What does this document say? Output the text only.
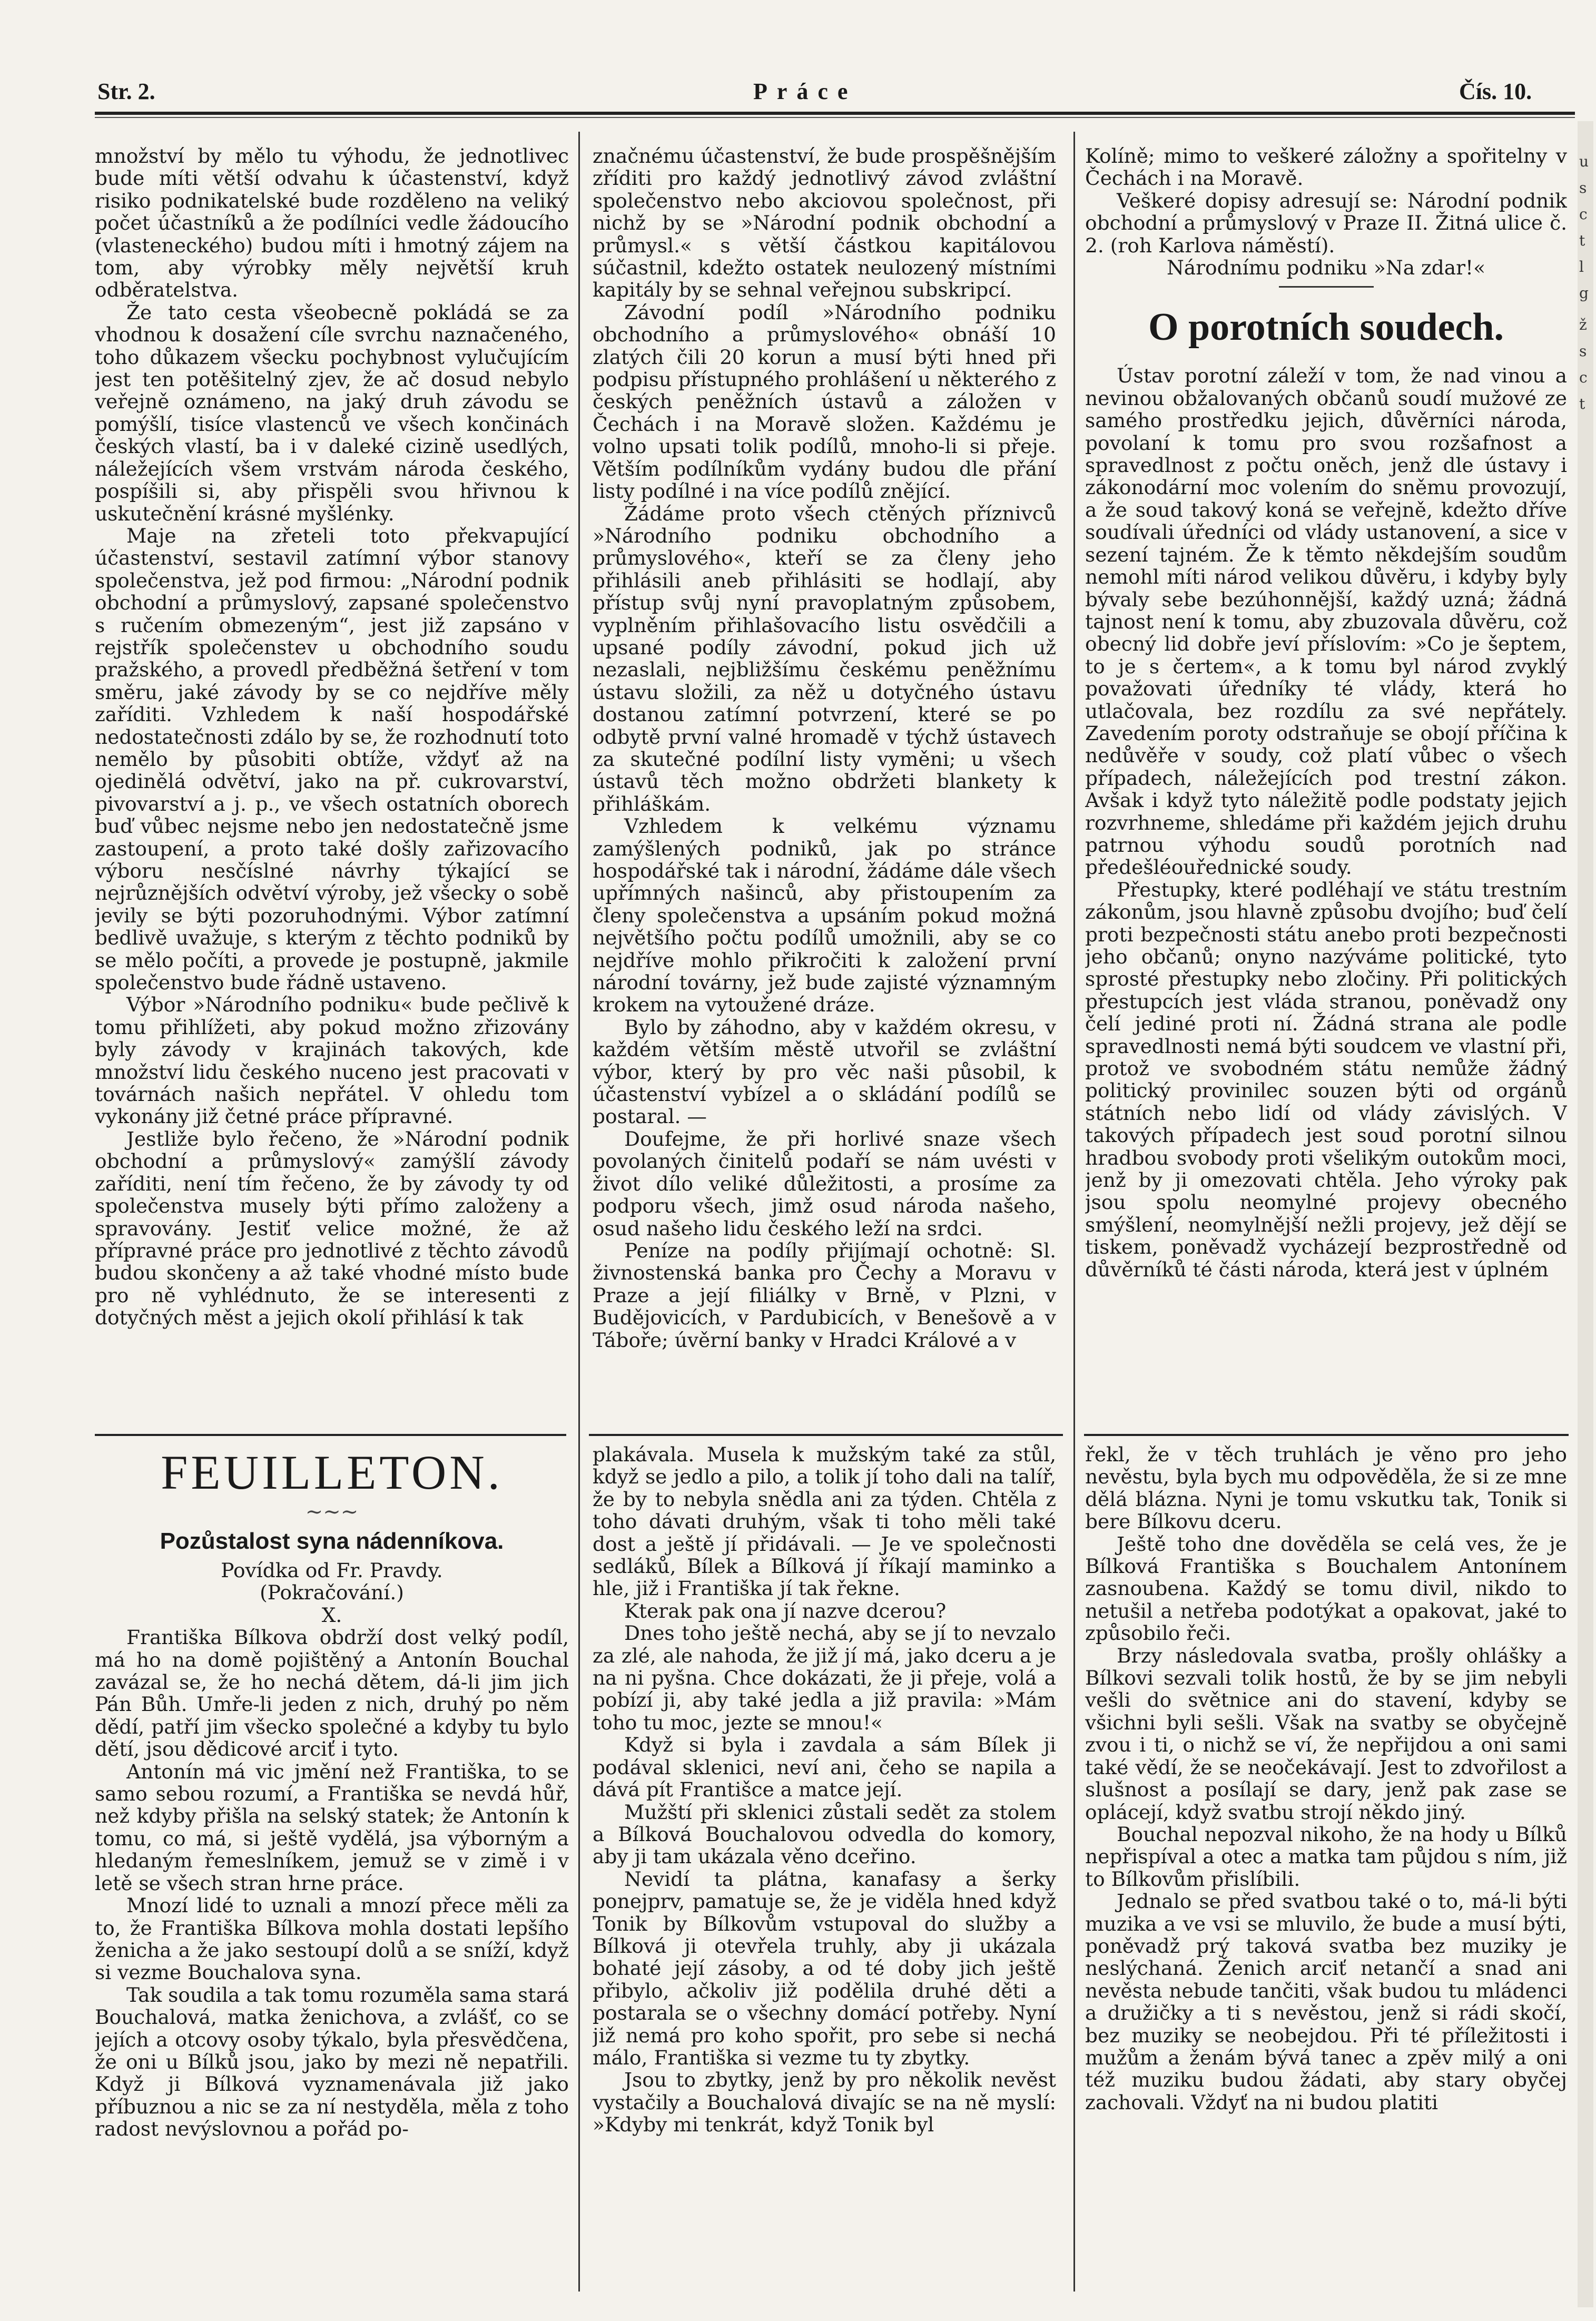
Str. 2.	Práce	Čís. 10.

množství by mělo tu výhodu, že jednotlivec bude míti větší odvahu k účastenství, když risiko podnikatelské bude rozděleno na veliký počet účastníků a že podílníci vedle žádoucího (vlasteneckého) budou míti i hmotný zájem na tom, aby výrobky měly největší kruh odběratelstva.

Že tato cesta všeobecně pokládá se za vhodnou k dosažení cíle svrchu naznačeného, toho důkazem všecku pochybnost vylučujícím jest ten potěšitelný zjev, že ač dosud nebylo veřejně oznámeno, na jaký druh závodu se pomýšlí, tisíce vlastenců ve všech končinách českých vlastí, ba i v daleké cizině usedlých, náležejících všem vrstvám národa českého, pospíšili si, aby přispěli svou hřivnou k uskutečnění krásné myšlénky.

Maje na zřeteli toto překvapující účastenství, sestavil zatímní výbor stanovy společenstva, jež pod firmou: „Národní podnik obchodní a průmyslový, zapsané společenstvo s ručením obmezeným“, jest již zapsáno v rejstřík společenstev u obchodního soudu pražského, a provedl předběžná šetření v tom směru, jaké závody by se co nejdříve měly zaříditi. Vzhledem k naší hospodářské nedostatečnosti zdálo by se, že rozhodnutí toto nemělo by působiti obtíže, vždyť až na ojedinělá odvětví, jako na př. cukrovarství, pivovarství a j. p., ve všech ostatních oborech buď vůbec nejsme nebo jen nedostatečně jsme zastoupení, a proto také došly zařizovacího výboru nesčíslné návrhy týkající se nejrůznějších odvětví výroby, jež všecky o sobě jevily se býti pozoruhodnými. Výbor zatímní bedlivě uvažuje, s kterým z těchto podniků by se mělo počíti, a provede je postupně, jakmile společenstvo bude řádně ustaveno.

Výbor »Národního podniku« bude pečlivě k tomu přihlížeti, aby pokud možno zřizovány byly závody v krajinách takových, kde množství lidu českého nuceno jest pracovati v továrnách našich nepřátel. V ohledu tom vykonány již četné práce přípravné.

Jestliže bylo řečeno, že »Národní podnik obchodní a průmyslový« zamýšlí závody zaříditi, není tím řečeno, že by závody ty od společenstva musely býti přímo založeny a spravovány. Jestiť velice možné, že až přípravné práce pro jednotlivé z těchto závodů budou skončeny a až také vhodné místo bude pro ně vyhlédnuto, že se interesenti z dotyčných měst a jejich okolí přihlásí k tak

značnému účastenství, že bude prospěšnějším zříditi pro každý jednotlivý závod zvláštní společenstvo nebo akciovou společnost, při nichž by se »Národní podnik obchodní a průmysl.« s větší částkou kapitálovou súčastnil, kdežto ostatek neulozený místními kapitály by se sehnal veřejnou subskripcí.

Závodní podíl »Národního podniku obchodního a průmyslového« obnáší 10 zlatých čili 20 korun a musí býti hned při podpisu přístupného prohlášení u některého z českých peněžních ústavů a záložen v Čechách i na Moravě složen. Každému je volno upsati tolik podílů, mnoho-li si přeje. Větším podílníkům vydány budou dle přání listy podílné i na více podílů znějící.

Žádáme proto všech ctěných příznivců »Národního podniku obchodního a průmyslového«, kteří se za členy jeho přihlásili aneb přihlásiti se hodlají, aby přístup svůj nyní pravoplatným způsobem, vyplněním přihlašovacího listu osvědčili a upsané podíly závodní, pokud jich už nezaslali, nejbližšímu českému peněžnímu ústavu složili, za něž u dotyčného ústavu dostanou zatímní potvrzení, které se po odbytě první valné hromadě v týchž ústavech za skutečné podílní listy vyměni; u všech ústavů těch možno obdržeti blankety k přihláškám.

Vzhledem k velkému významu zamýšlených podniků, jak po stránce hospodářské tak i národní, žádáme dále všech upřímných našinců, aby přistoupením za členy společenstva a upsáním pokud možná největšího počtu podílů umožnili, aby se co nejdříve mohlo přikročiti k založení první národní továrny, jež bude zajisté významným krokem na vytoužené dráze.

Bylo by záhodno, aby v každém okresu, v každém větším městě utvořil se zvláštní výbor, který by pro věc naši působil, k účastenství vybízel a o skládání podílů se postaral. —

Doufejme, že při horlivé snaze všech povolaných činitelů podaří se nám uvésti v život dílo veliké důležitosti, a prosíme za podporu všech, jimž osud národa našeho, osud našeho lidu českého leží na srdci.

Peníze na podíly přijímají ochotně: Sl. živnostenská banka pro Čechy a Moravu v Praze a její filiálky v Brně, v Plzni, v Budějovicích, v Pardubicích, v Benešově a v Táboře; úvěrní banky v Hradci Králové a v

Kolíně; mimo to veškeré záložny a spořitelny v Čechách i na Moravě.

Veškeré dopisy adresují se: Národní podnik obchodní a průmyslový v Praze II. Žitná ulice č. 2. (roh Karlova náměstí).

Národnímu podniku »Na zdar!«

O porotních soudech.

Ústav porotní záleží v tom, že nad vinou a nevinou obžalovaných občanů soudí mužové ze samého prostředku jejich, důvěrníci národa, povolaní k tomu pro svou rozšafnost a spravedlnost z počtu oněch, jenž dle ústavy i zákonodární moc volením do sněmu provozují, a že soud takový koná se veřejně, kdežto dříve soudívali úředníci od vlády ustanovení, a sice v sezení tajném. Že k těmto někdejším soudům nemohl míti národ velikou důvěru, i kdyby byly bývaly sebe bezúhonnější, každý uzná; žádná tajnost není k tomu, aby zbuzovala důvěru, což obecný lid dobře jeví příslovím: »Co je šeptem, to je s čertem«, a k tomu byl národ zvyklý považovati úředníky té vlády, která ho utlačovala, bez rozdílu za své nepřátely. Zavedením poroty odstraňuje se obojí příčina k nedůvěře v soudy, což platí vůbec o všech případech, náležejících pod trestní zákon. Avšak i když tyto náležitě podle podstaty jejich rozvrhneme, shledáme při každém jejich druhu patrnou výhodu soudů porotních nad předešléouřednické soudy.

Přestupky, které podléhají ve státu trestním zákonům, jsou hlavně způsobu dvojího; buď čelí proti bezpečnosti státu anebo proti bezpečnosti jeho občanů; onyno nazýváme politické, tyto sprosté přestupky nebo zločiny. Při politických přestupcích jest vláda stranou, poněvadž ony čelí jediné proti ní. Žádná strana ale podle spravedlnosti nemá býti soudcem ve vlastní při, protož ve svobodném státu nemůže žádný politický provinilec souzen býti od orgánů státních nebo lidí od vlády závislých. V takových případech jest soud porotní silnou hradbou svobody proti všelikým outokům moci, jenž by ji omezovati chtěla. Jeho výroky pak jsou spolu neomylné projevy obecného smýšlení, neomylnější nežli projevy, jež dějí se tiskem, poněvadž vycházejí bezprostředně od důvěrníků té části národa, která jest v úplném

FEUILLETON.
∼∼∼
Pozůstalost syna nádenníkova.

Povídka od Fr. Pravdy.

(Pokračování.)

X.

Františka Bílkova obdrží dost velký podíl, má ho na domě pojištěný a Antonín Bouchal zavázal se, že ho nechá dětem, dá-li jim jich Pán Bůh. Umře-li jeden z nich, druhý po něm dědí, patří jim všecko společné a kdyby tu bylo dětí, jsou dědicové arciť i tyto.

Antonín má vic jmění než Františka, to se samo sebou rozumí, a Františka se nevdá hůř, než kdyby přišla na selský statek; že Antonín k tomu, co má, si ještě vydělá, jsa výborným a hledaným řemeslníkem, jemuž se v zimě i v letě se všech stran hrne práce.

Mnozí lidé to uznali a mnozí přece měli za to, že Františka Bílkova mohla dostati lepšího ženicha a že jako sestoupí dolů a se sníží, když si vezme Bouchalova syna.

Tak soudila a tak tomu rozuměla sama stará Bouchalová, matka ženichova, a zvlášť, co se jejích a otcovy osoby týkalo, byla přesvědčena, že oni u Bílků jsou, jako by mezi ně nepatřili. Když ji Bílková vyznamenávala již jako příbuznou a nic se za ní nestyděla, měla z toho radost nevýslovnou a pořád po-

plakávala. Musela k mužským také za stůl, když se jedlo a pilo, a tolik jí toho dali na talíř, že by to nebyla snědla ani za týden. Chtěla z toho dávati druhým, však ti toho měli také dost a ještě jí přidávali. — Je ve společnosti sedláků, Bílek a Bílková jí říkají maminko a hle, již i Františka jí tak řekne.

Kterak pak ona jí nazve dcerou?

Dnes toho ještě nechá, aby se jí to nevzalo za zlé, ale nahoda, že již jí má, jako dceru a je na ni pyšna. Chce dokázati, že ji přeje, volá a pobízí ji, aby také jedla a již pravila: »Mám toho tu moc, jezte se mnou!«

Když si byla i zavdala a sám Bílek ji podával sklenici, neví ani, čeho se napila a dává pít Františce a matce její.

Mužští při sklenici zůstali sedět za stolem a Bílková Bouchalovou odvedla do komory, aby ji tam ukázala věno dceřino.

Nevidí ta plátna, kanafasy a šerky ponejprv, pamatuje se, že je viděla hned když Tonik by Bílkovům vstupoval do služby a Bílková ji otevřela truhly, aby ji ukázala bohaté její zásoby, a od té doby jich ještě přibylo, ačkoliv již podělila druhé děti a postarala se o všechny domácí potřeby. Nyní již nemá pro koho spořit, pro sebe si nechá málo, Františka si vezme tu ty zbytky.

Jsou to zbytky, jenž by pro několik nevěst vystačily a Bouchalová divajíc se na ně myslí: »Kdyby mi tenkrát, když Tonik byl

řekl, že v těch truhlách je věno pro jeho nevěstu, byla bych mu odpověděla, že si ze mne dělá blázna. Nyni je tomu vskutku tak, Tonik si bere Bílkovu dceru.

Ještě toho dne dověděla se celá ves, že je Bílková Františka s Bouchalem Antonínem zasnoubena. Každý se tomu divil, nikdo to netušil a netřeba podotýkat a opakovat, jaké to způsobilo řeči.

Brzy následovala svatba, prošly ohlášky a Bílkovi sezvali tolik hostů, že by se jim nebyli vešli do světnice ani do stavení, kdyby se všichni byli sešli. Však na svatby se obyčejně zvou i ti, o nichž se ví, že nepřijdou a oni sami také vědí, že se neočekávají. Jest to zdvořilost a slušnost a posílají se dary, jenž pak zase se oplácejí, když svatbu strojí někdo jiný.

Bouchal nepozval nikoho, že na hody u Bílků nepřispíval a otec a matka tam půjdou s ním, již to Bílkovům přislíbili.

Jednalo se před svatbou také o to, má-li býti muzika a ve vsi se mluvilo, že bude a musí býti, poněvadž prý taková svatba bez muziky je neslýchaná. Ženich arciť netančí a snad ani nevěsta nebude tančiti, však budou tu mládenci a družičky a ti s nevěstou, jenž si rádi skočí, bez muziky se neobejdou. Při té příležitosti i mužům a ženám bývá tanec a zpěv milý a oni též muziku budou žádati, aby stary obyčej zachovali. Vždyť na ni budou platiti

u
s
c
t
l
g
ž
s
c
t
